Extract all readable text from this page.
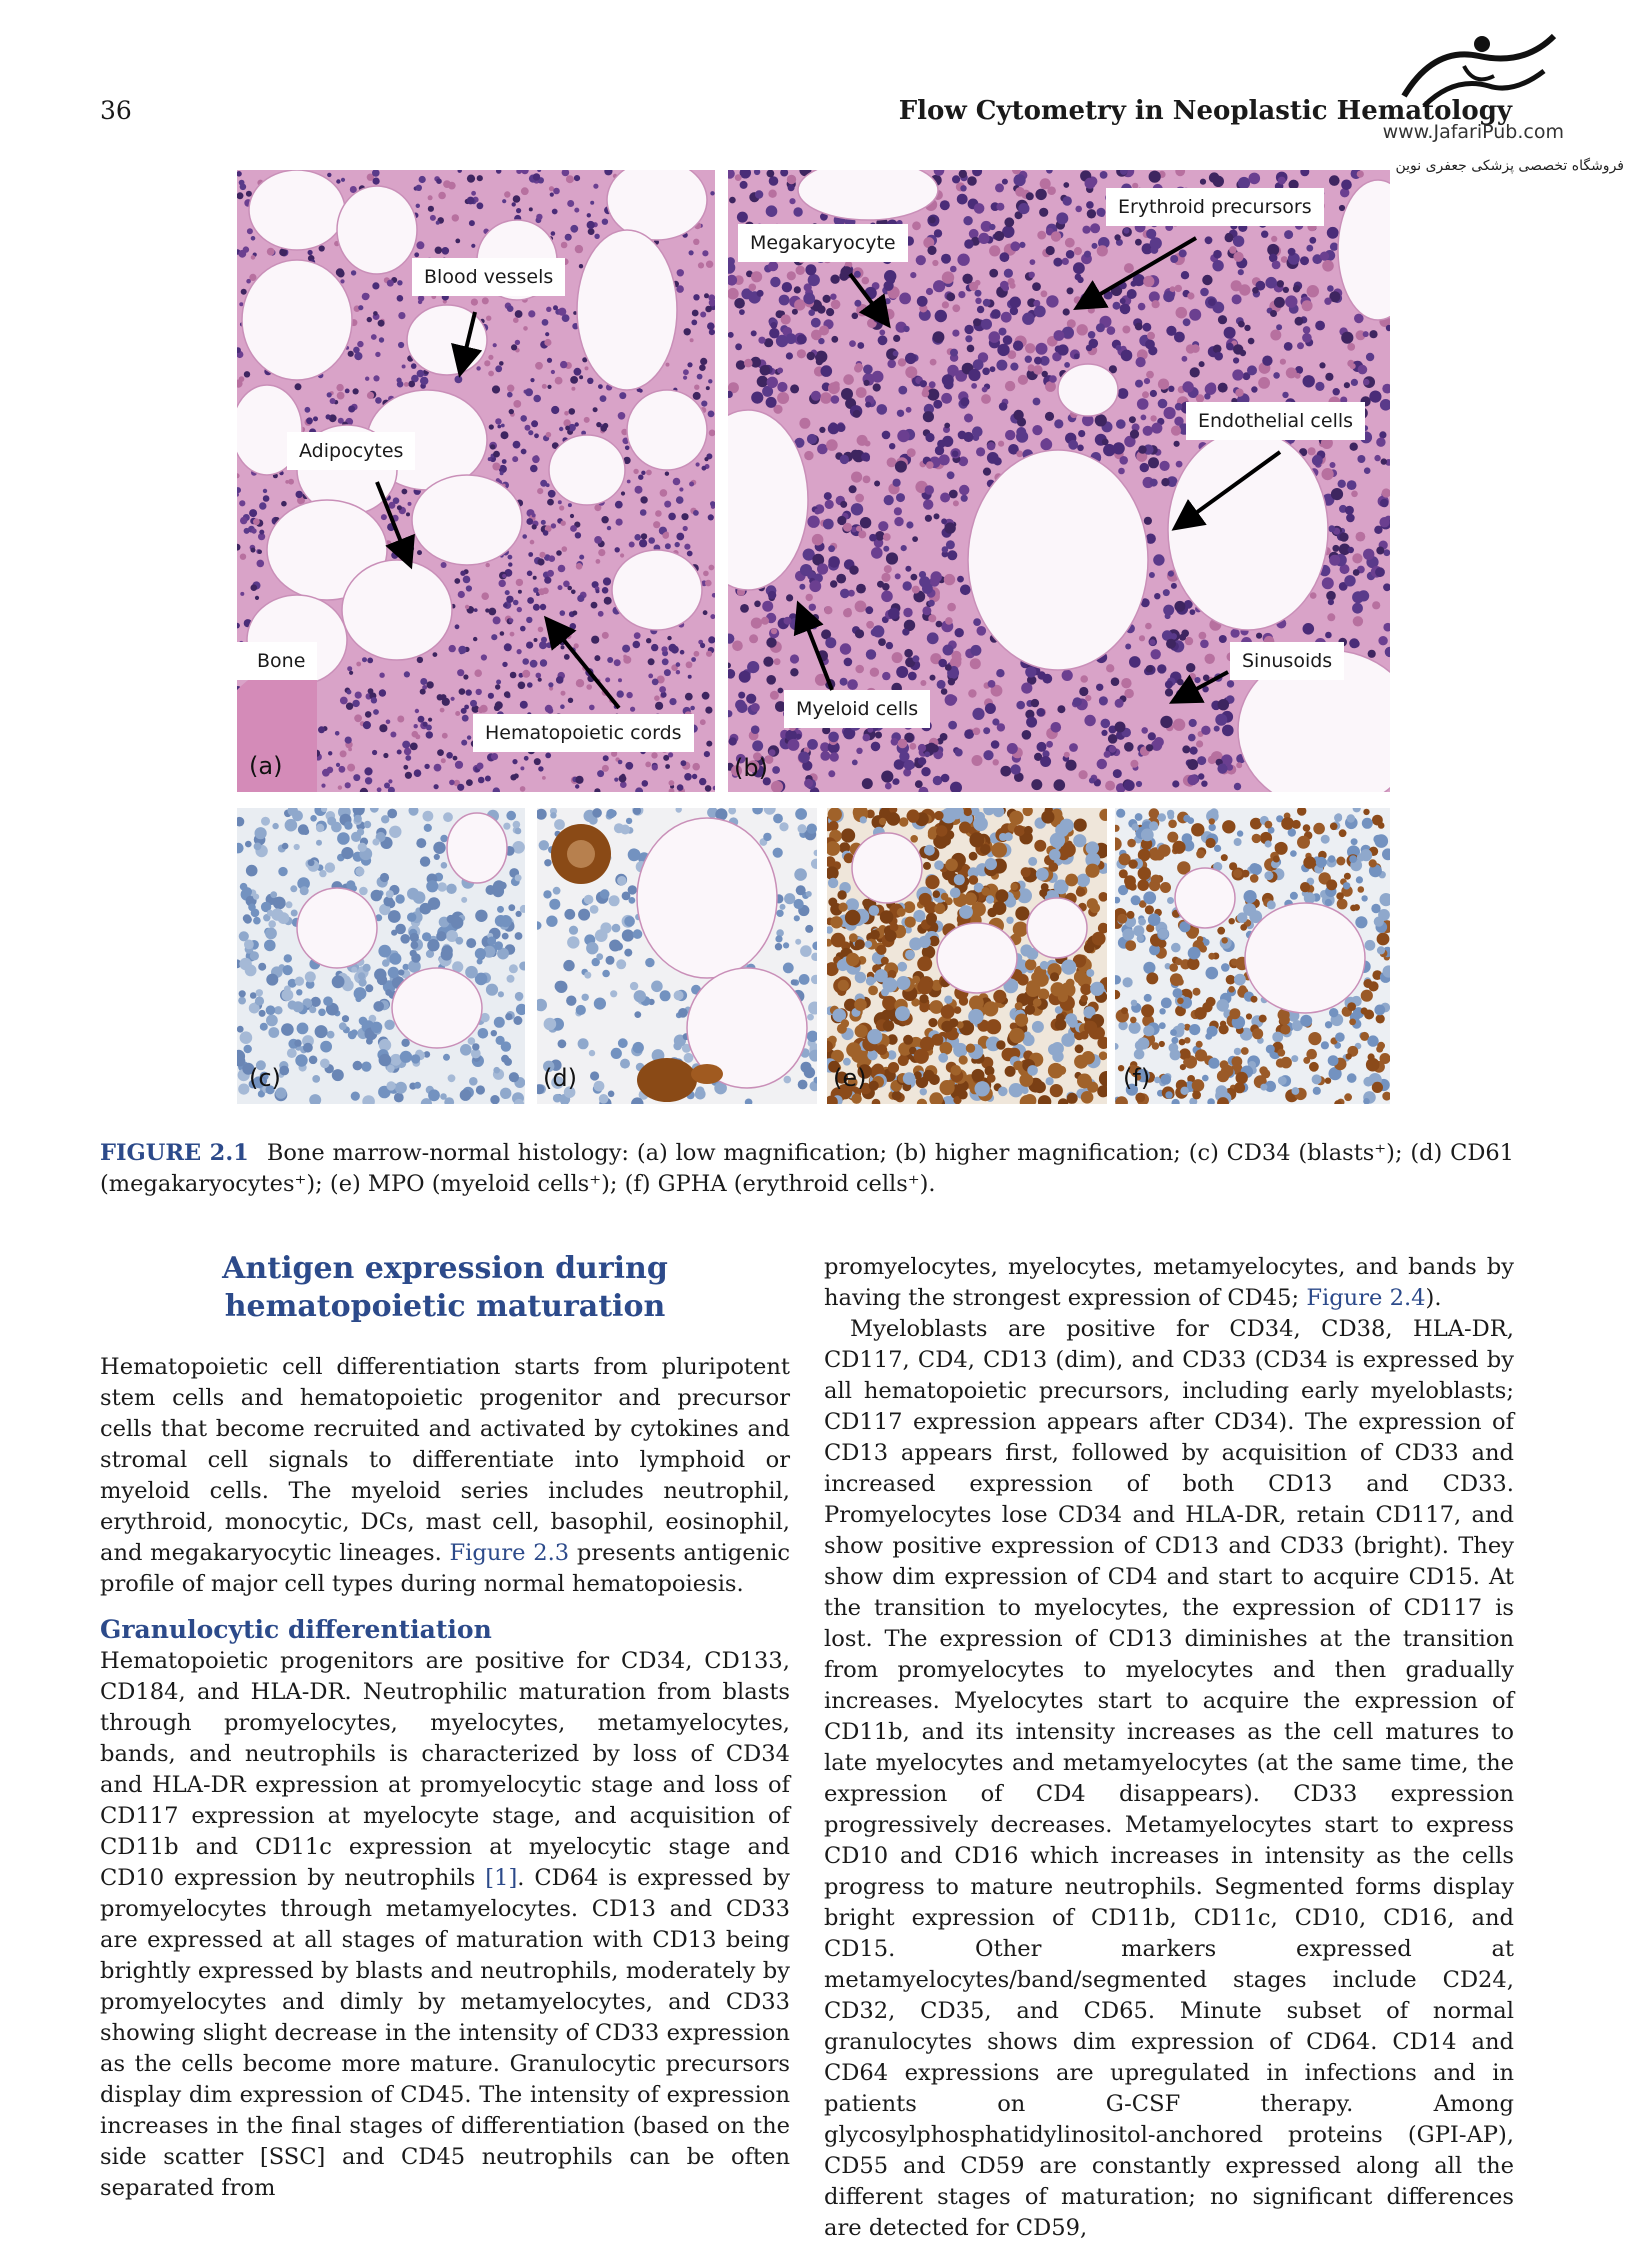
36	Flow Cytometry in Neoplastic Hematology
www.JafariPub.com
فروشگاه تخصصی پزشکی جعفری نوین
Blood vessels
Adipocytes
Bone
Hematopoietic cords
(a)
Megakaryocyte
Erythroid precursors
Endothelial cells
Sinusoids
Myeloid cells
(b)
(c)	(d)	(e)	(f)
FIGURE 2.1 Bone marrow-normal histology: (a) low magnification; (b) higher magnification; (c) CD34 (blasts⁺); (d) CD61 (megakaryocytes⁺); (e) MPO (myeloid cells⁺); (f) GPHA (erythroid cells⁺).
Antigen expression during hematopoietic maturation

Hematopoietic cell differentiation starts from pluripotent stem cells and hematopoietic progenitor and precursor cells that become recruited and activated by cytokines and stromal cell signals to differentiate into lymphoid or myeloid cells. The myeloid series includes neutrophil, erythroid, monocytic, DCs, mast cell, basophil, eosinophil, and megakaryocytic lineages. Figure 2.3 presents antigenic profile of major cell types during normal hematopoiesis.

Granulocytic differentiation

Hematopoietic progenitors are positive for CD34, CD133, CD184, and HLA-DR. Neutrophilic maturation from blasts through promyelocytes, myelocytes, metamyelocytes, bands, and neutrophils is characterized by loss of CD34 and HLA-DR expression at promyelocytic stage and loss of CD117 expression at myelocyte stage, and acquisition of CD11b and CD11c expression at myelocytic stage and CD10 expression by neutrophils [1]. CD64 is expressed by promyelocytes through metamyelocytes. CD13 and CD33 are expressed at all stages of maturation with CD13 being brightly expressed by blasts and neutrophils, moderately by promyelocytes and dimly by metamyelocytes, and CD33 showing slight decrease in the intensity of CD33 expression as the cells become more mature. Granulocytic precursors display dim expression of CD45. The intensity of expression increases in the final stages of differentiation (based on the side scatter [SSC] and CD45 neutrophils can be often separated from

promyelocytes, myelocytes, metamyelocytes, and bands by having the strongest expression of CD45; Figure 2.4).

Myeloblasts are positive for CD34, CD38, HLA-DR, CD117, CD4, CD13 (dim), and CD33 (CD34 is expressed by all hematopoietic precursors, including early myeloblasts; CD117 expression appears after CD34). The expression of CD13 appears first, followed by acquisition of CD33 and increased expression of both CD13 and CD33. Promyelocytes lose CD34 and HLA-DR, retain CD117, and show positive expression of CD13 and CD33 (bright). They show dim expression of CD4 and start to acquire CD15. At the transition to myelocytes, the expression of CD117 is lost. The expression of CD13 diminishes at the transition from promyelocytes to myelocytes and then gradually increases. Myelocytes start to acquire the expression of CD11b, and its intensity increases as the cell matures to late myelocytes and metamyelocytes (at the same time, the expression of CD4 disappears). CD33 expression progressively decreases. Metamyelocytes start to express CD10 and CD16 which increases in intensity as the cells progress to mature neutrophils. Segmented forms display bright expression of CD11b, CD11c, CD10, CD16, and CD15. Other markers expressed at metamyelocytes/band/segmented stages include CD24, CD32, CD35, and CD65. Minute subset of normal granulocytes shows dim expression of CD64. CD14 and CD64 expressions are upregulated in infections and in patients on G-CSF therapy. Among glycosylphosphatidylinositol-anchored proteins (GPI-AP), CD55 and CD59 are constantly expressed along all the different stages of maturation; no significant differences are detected for CD59,
